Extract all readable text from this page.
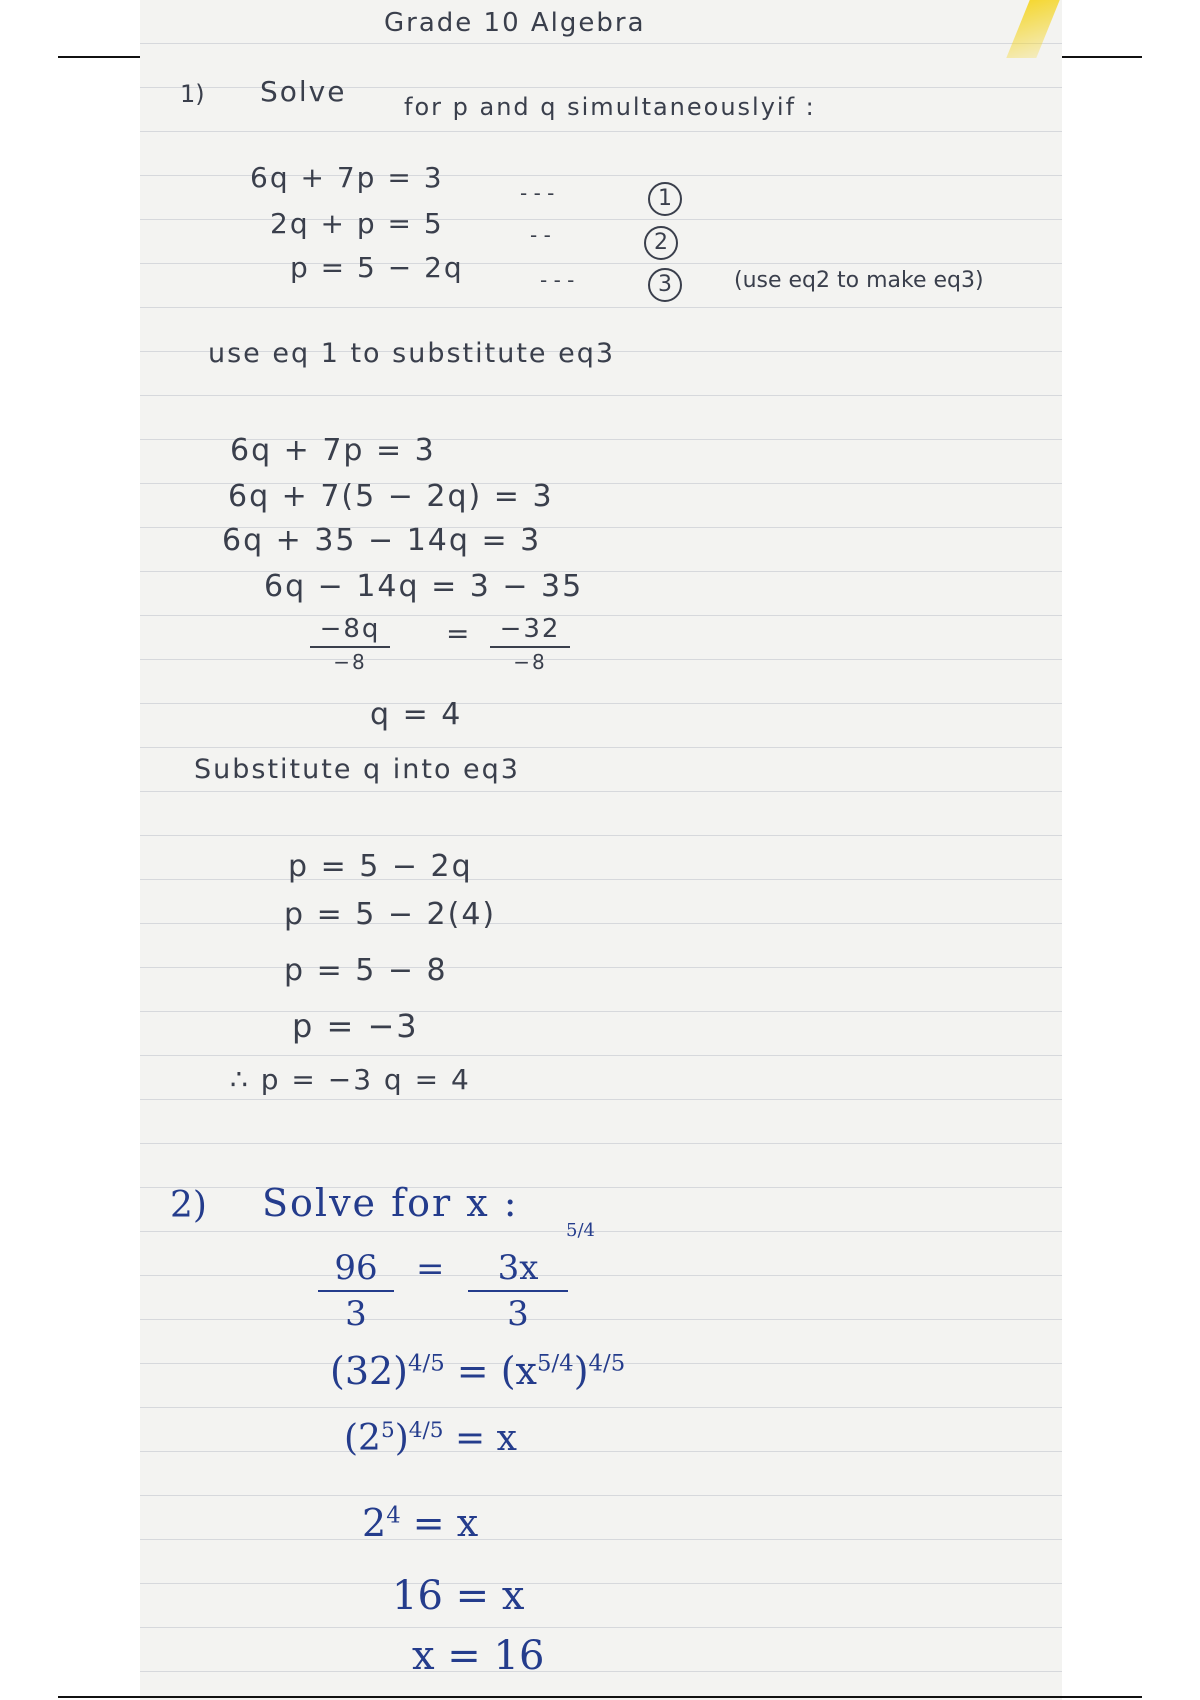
Grade 10 Algebra
1) Solve for p and q simultaneouslyif :
6q + 7p = 3
2q + p = 5
p = 5 − 2q
- - -
- -
- - -
1
2
3	(use eq2 to make eq3)
use eq 1 to substitute eq3
6q + 7p = 3
6q + 7(5 − 2q) = 3
6q + 35 − 14q = 3
6q − 14q = 3 − 35
−8q
−8
=	−32
−8
q = 4
Substitute q into eq3
p = 5 − 2q
p = 5 − 2(4)
p = 5 − 8
p = −3
∴ p = −3 q = 4
2) Solve for x :
$\frac{96}{3} = \frac{3x}{3}$
5/4
$(32)^{4/5} = (x^{5/4})^{4/5}$
$(2^5)^{4/5} = x$
$2^4 = x$
16 = x
x = 16
